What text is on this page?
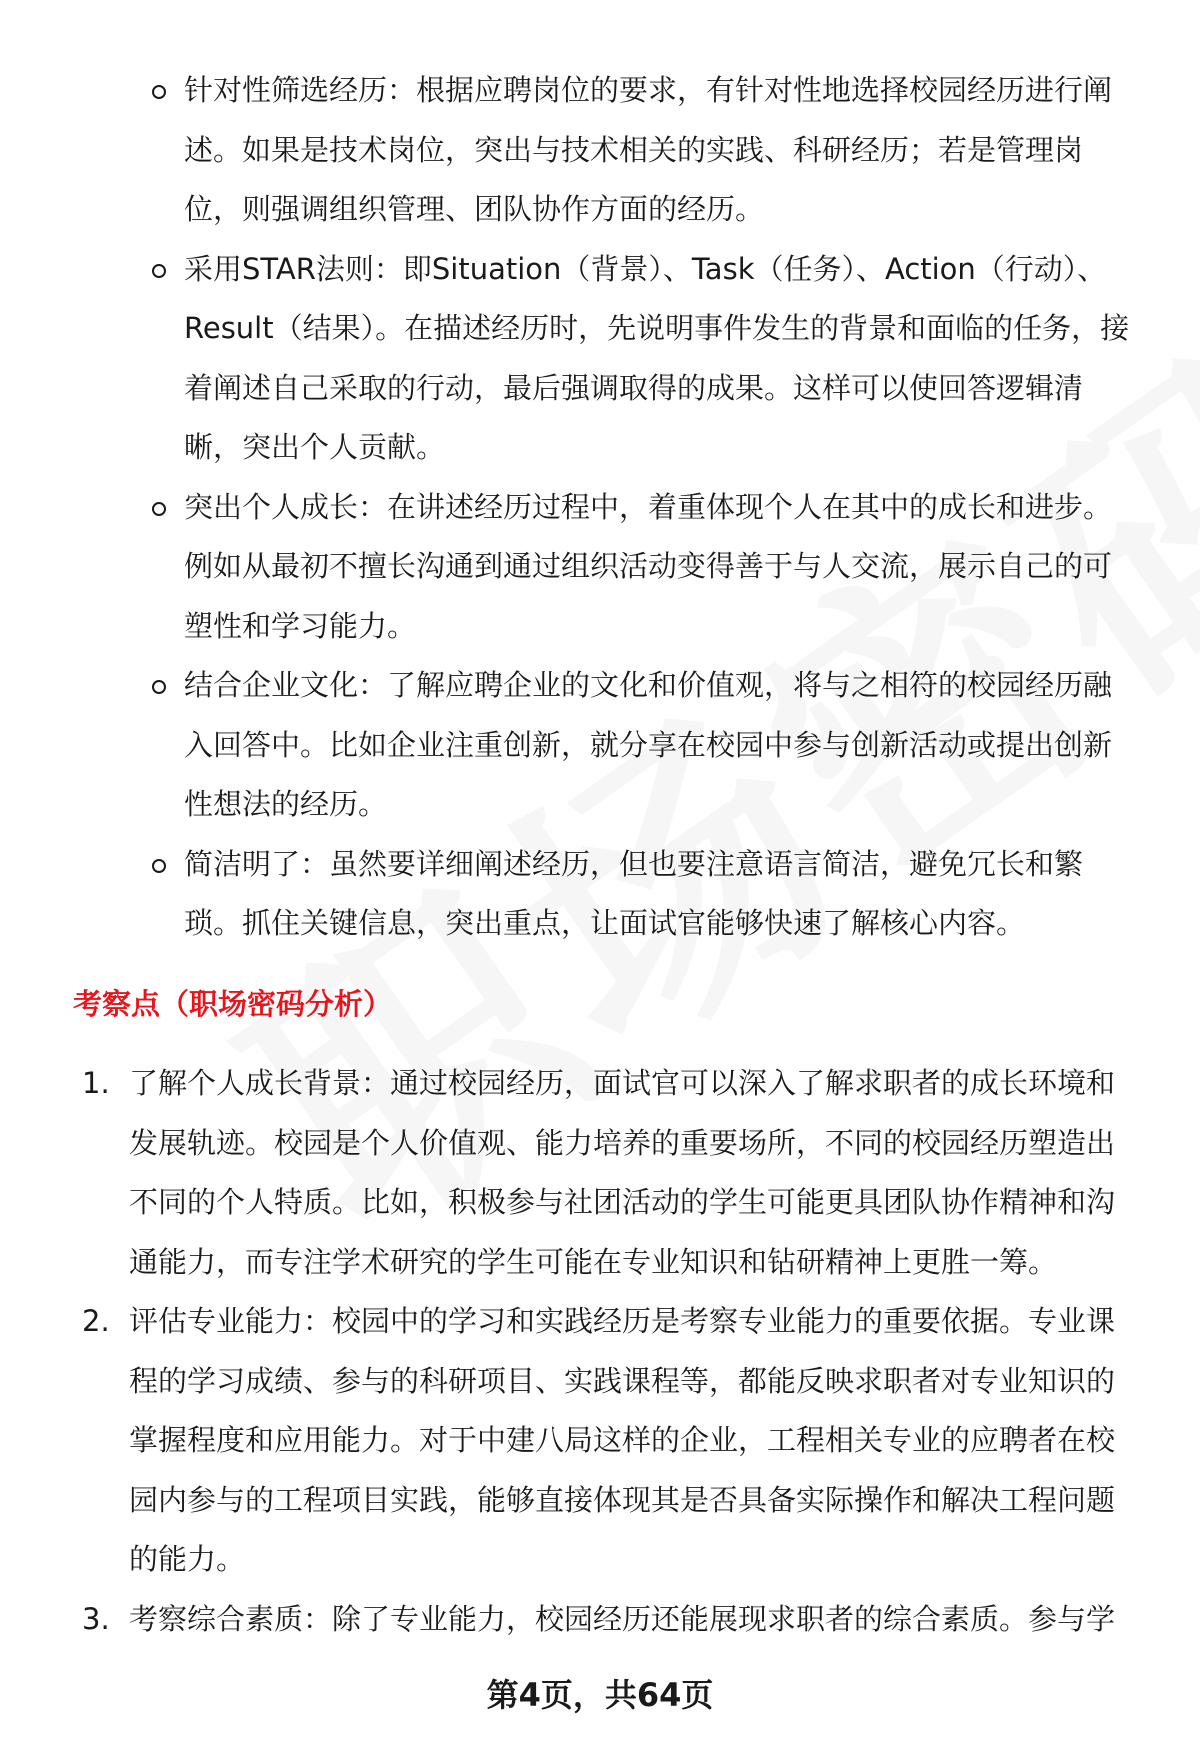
针对性筛选经历：根据应聘岗位的要求，有针对性地选择校园经历进行阐述。如果是技术岗位，突出与技术相关的实践、科研经历；若是管理岗位，则强调组织管理、团队协作方面的经历。
采用STAR法则：即Situation（背景）、Task（任务）、Action（行动）、Result（结果）。在描述经历时，先说明事件发生的背景和面临的任务，接着阐述自己采取的行动，最后强调取得的成果。这样可以使回答逻辑清晰，突出个人贡献。
突出个人成长：在讲述经历过程中，着重体现个人在其中的成长和进步。例如从最初不擅长沟通到通过组织活动变得善于与人交流，展示自己的可塑性和学习能力。
结合企业文化：了解应聘企业的文化和价值观，将与之相符的校园经历融入回答中。比如企业注重创新，就分享在校园中参与创新活动或提出创新性想法的经历。
简洁明了：虽然要详细阐述经历，但也要注意语言简洁，避免冗长和繁琐。抓住关键信息，突出重点，让面试官能够快速了解核心内容。
考察点（职场密码分析）
1. 了解个人成长背景：通过校园经历，面试官可以深入了解求职者的成长环境和发展轨迹。校园是个人价值观、能力培养的重要场所，不同的校园经历塑造出不同的个人特质。比如，积极参与社团活动的学生可能更具团队协作精神和沟通能力，而专注学术研究的学生可能在专业知识和钻研精神上更胜一筹。
2. 评估专业能力：校园中的学习和实践经历是考察专业能力的重要依据。专业课程的学习成绩、参与的科研项目、实践课程等，都能反映求职者对专业知识的掌握程度和应用能力。对于中建八局这样的企业，工程相关专业的应聘者在校园内参与的工程项目实践，能够直接体现其是否具备实际操作和解决工程问题的能力。
3. 考察综合素质：除了专业能力，校园经历还能展现求职者的综合素质。参与学
第4页，共64页
